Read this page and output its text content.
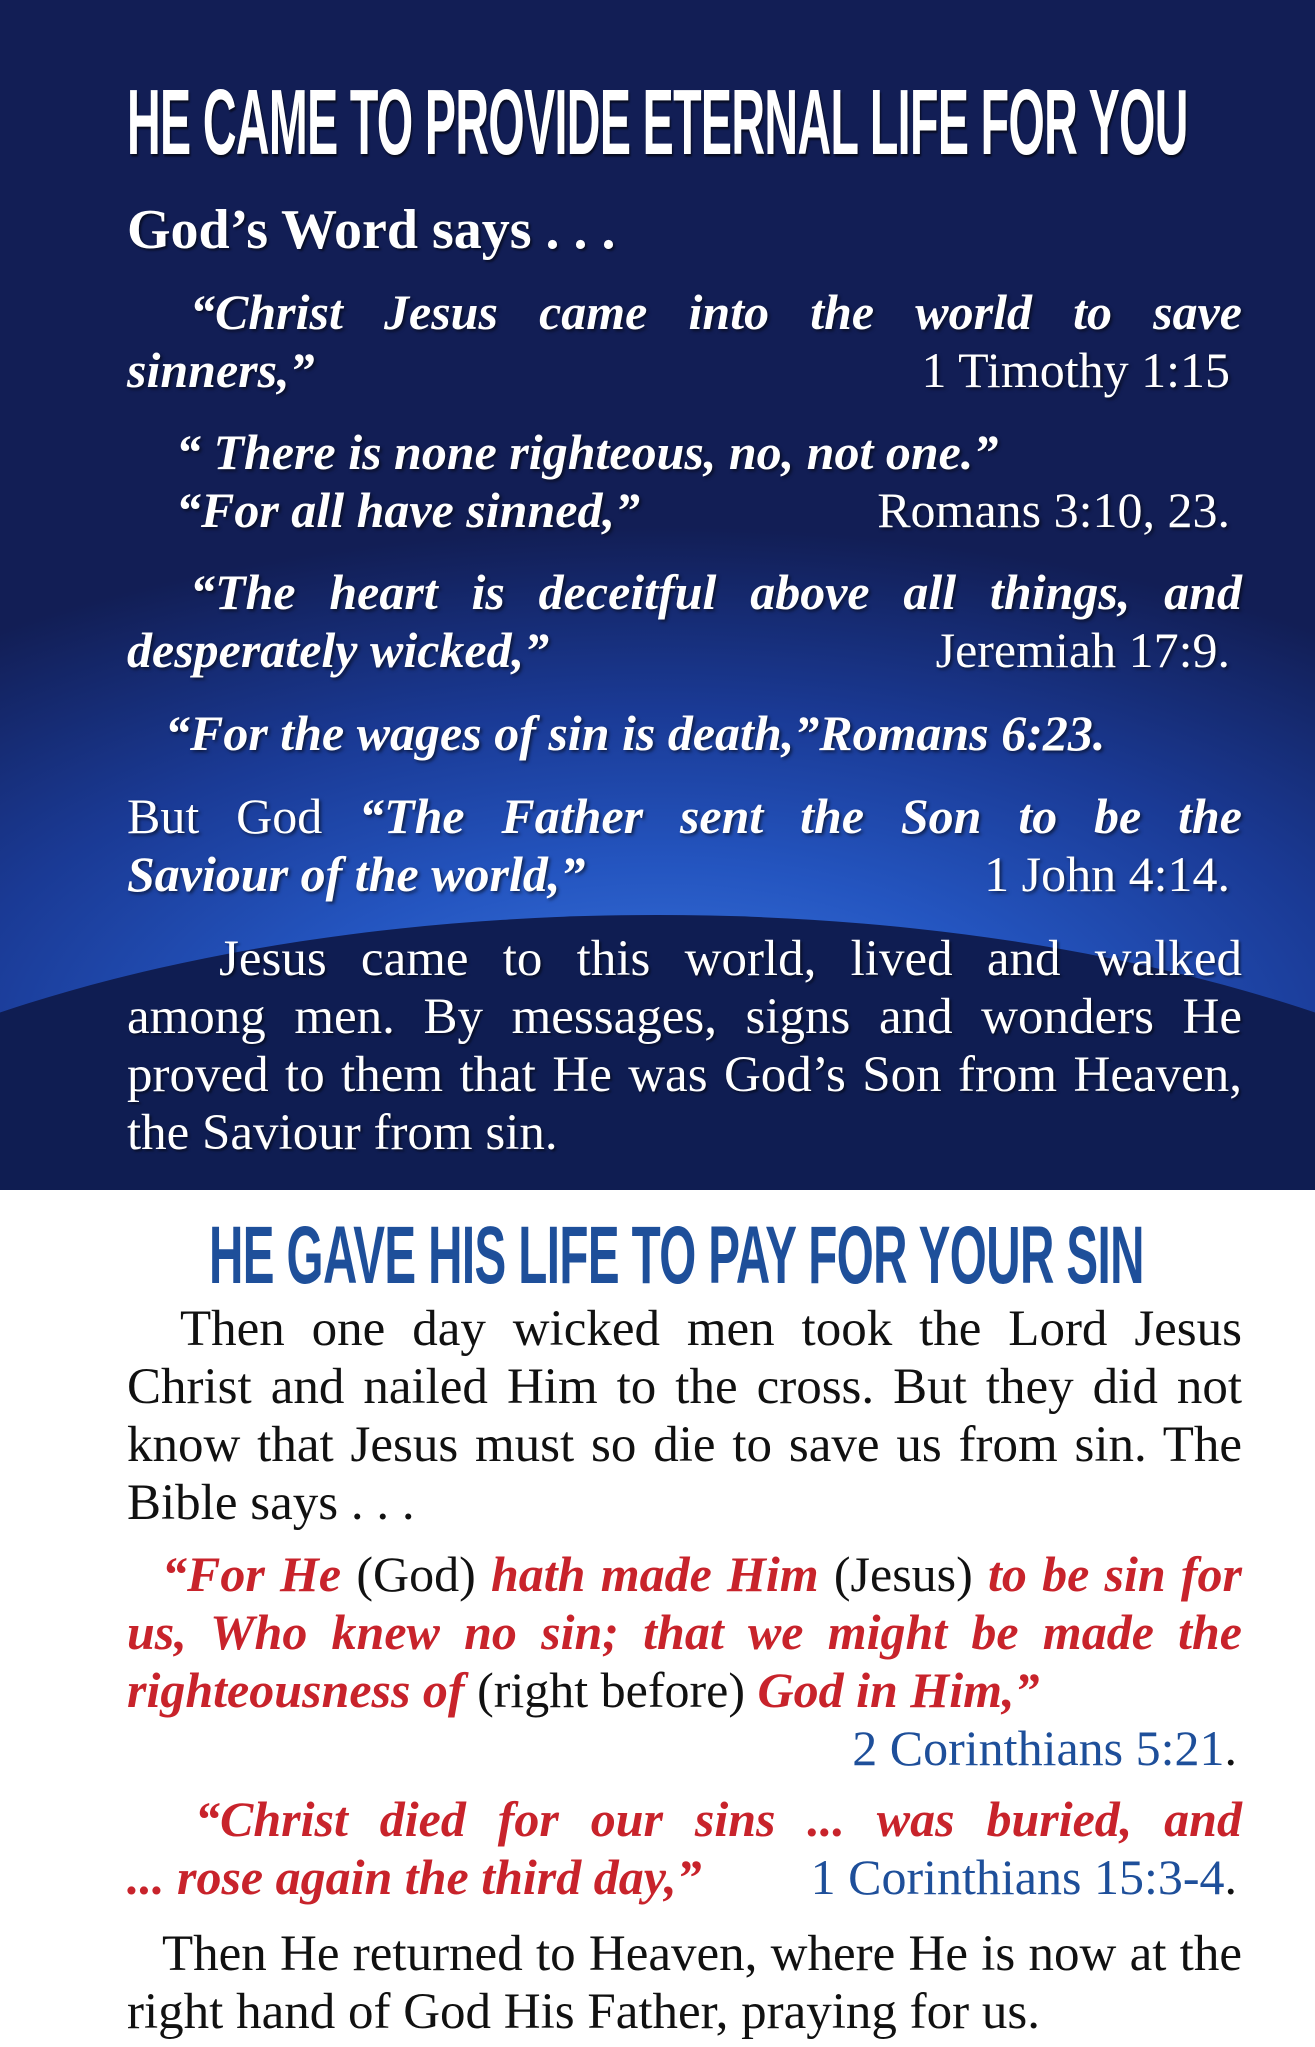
HE CAME TO PROVIDE ETERNAL LIFE FOR YOU
God’s Word says . . .
“Christ Jesus came into the world to save
sinners,”	1 Timothy 1:15
“ There is none righteous, no, not one.”
“For all have sinned,”	Romans 3:10, 23.
“The heart is deceitful above all things, and
desperately wicked,”	Jeremiah 17:9.
“For the wages of sin is death,”Romans 6:23.
But God “The Father sent the Son to be the
Saviour of the world,”	1 John 4:14.
Jesus came to this world, lived and walked among men. By messages, signs and wonders He proved to them that He was God’s Son from Heaven, the Saviour from sin.
HE GAVE HIS LIFE TO PAY FOR YOUR SIN
Then one day wicked men took the Lord Jesus Christ and nailed Him to the cross. But they did not know that Jesus must so die to save us from sin. The Bible says . . .
“For He (God) hath made Him (Jesus) to be sin for us, Who knew no sin; that we might be made the righteousness of (right before) God in Him,”
2 Corinthians 5:21.
“Christ died for our sins ... was buried, and
... rose again the third day,” 1 Corinthians 15:3-4.
Then He returned to Heaven, where He is now at the right hand of God His Father, praying for us.
